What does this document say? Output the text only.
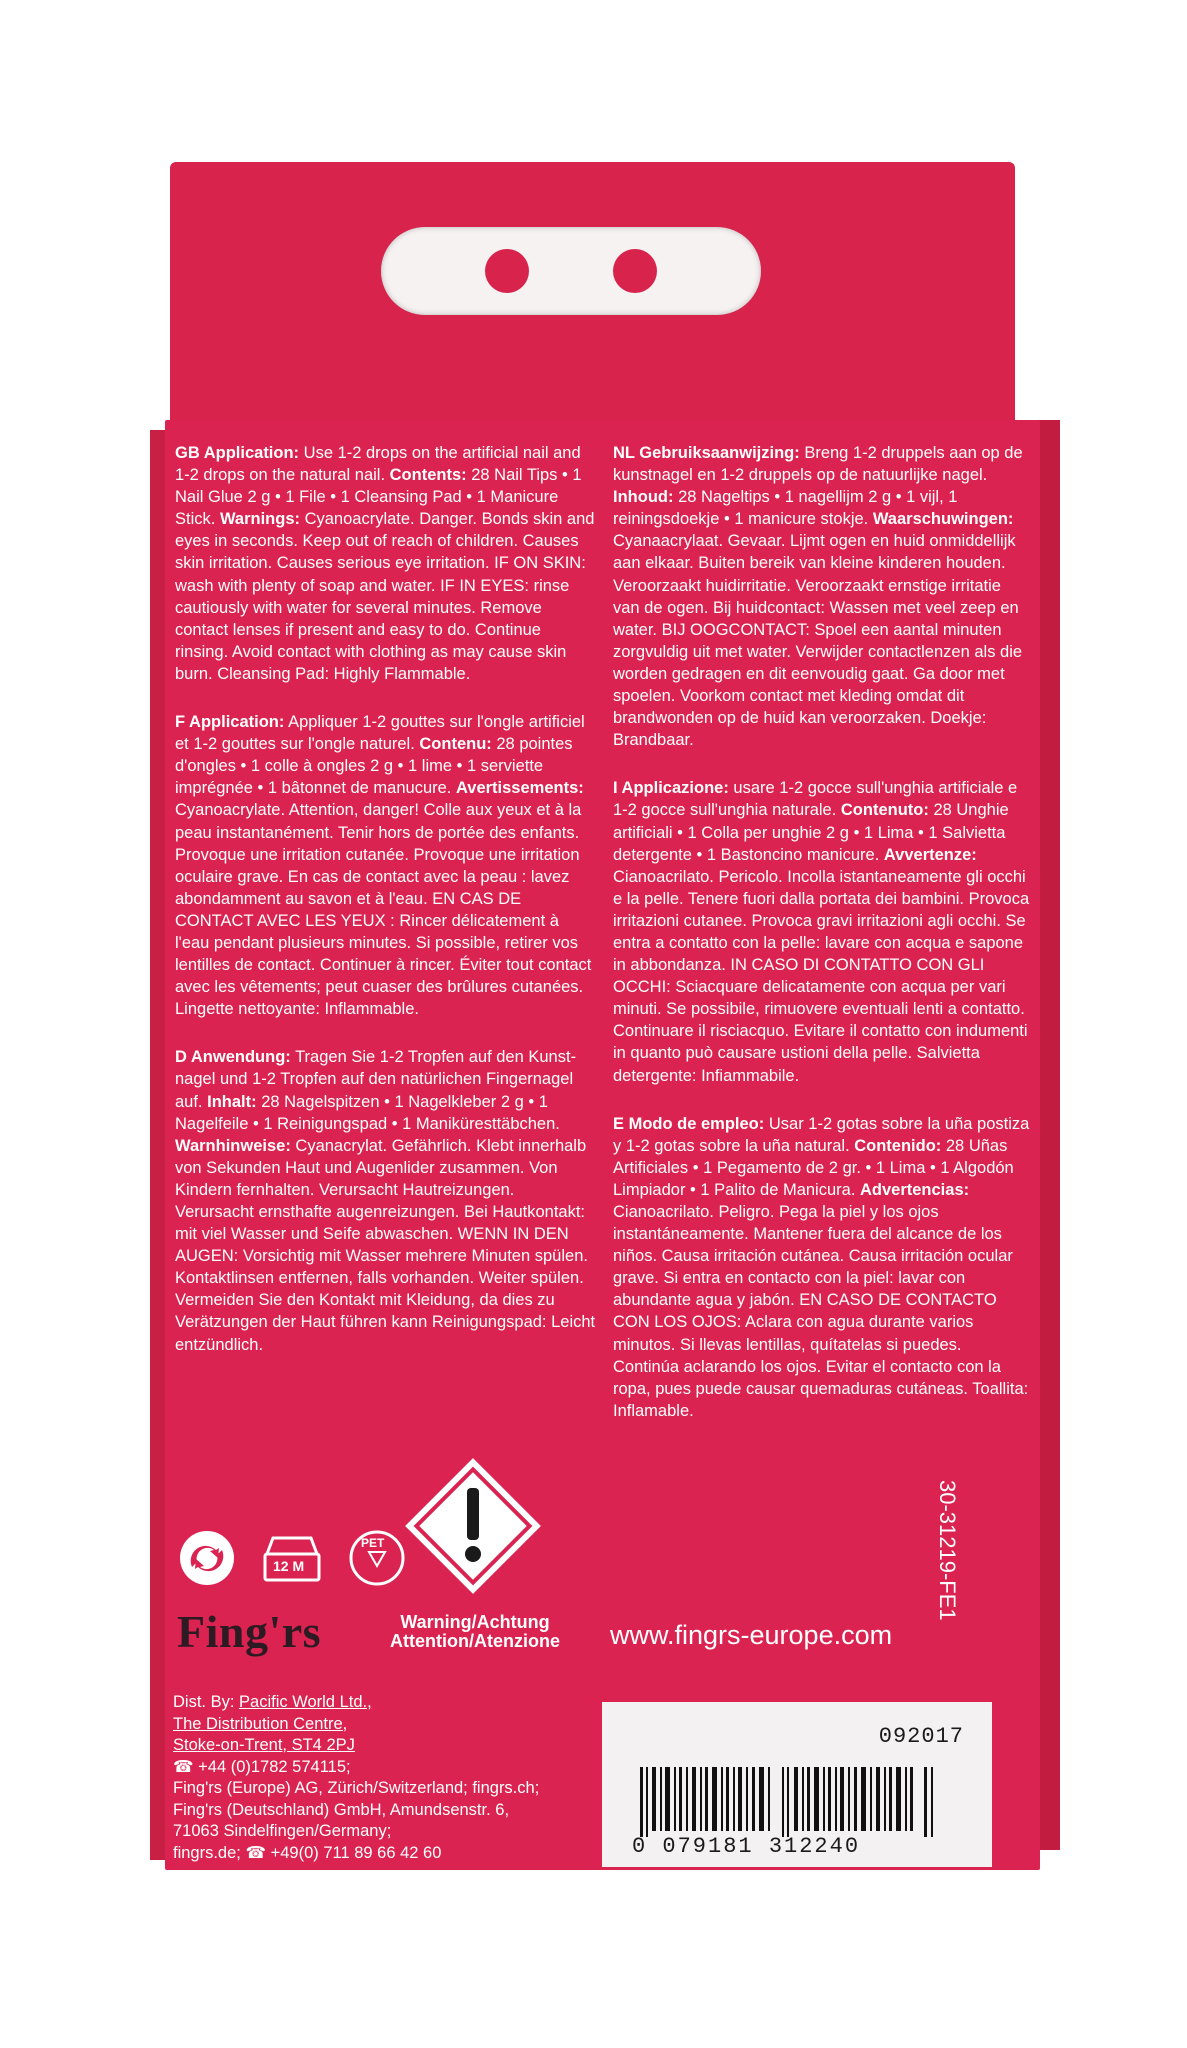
GB Application: Use 1-2 drops on the artificial nail and 1-2 drops on the natural nail. Contents: 28 Nail Tips • 1 Nail Glue 2 g • 1 File • 1 Cleansing Pad • 1 Manicure Stick. Warnings: Cyanoacrylate. Danger. Bonds skin and eyes in seconds. Keep out of reach of children. Causes skin irritation. Causes serious eye irritation. IF ON SKIN: wash with plenty of soap and water. IF IN EYES: rinse cautiously with water for several minutes. Remove contact lenses if present and easy to do. Continue rinsing. Avoid contact with clothing as may cause skin burn. Cleansing Pad: Highly Flammable.

F Application: Appliquer 1-2 gouttes sur l'ongle artificiel et 1-2 gouttes sur l'ongle naturel. Contenu: 28 pointes d'ongles • 1 colle à ongles 2 g • 1 lime • 1 serviette imprégnée • 1 bâtonnet de manucure. Avertissements: Cyanoacrylate. Attention, danger! Colle aux yeux et à la peau instantanément. Tenir hors de portée des enfants. Provoque une irritation cutanée. Provoque une irritation oculaire grave. En cas de contact avec la peau : lavez abondamment au savon et à l'eau. EN CAS DE CONTACT AVEC LES YEUX : Rincer délicatement à l'eau pendant plusieurs minutes. Si possible, retirer vos lentilles de contact. Continuer à rincer. Éviter tout contact avec les vêtements; peut cuaser des brûlures cutanées. Lingette nettoyante: Inflammable.

D Anwendung: Tragen Sie 1-2 Tropfen auf den Kunst-nagel und 1-2 Tropfen auf den natürlichen Fingernagel auf. Inhalt: 28 Nagelspitzen • 1 Nagelkleber 2 g • 1 Nagelfeile • 1 Reinigungspad • 1 Maniküresttäbchen. Warnhinweise: Cyanacrylat. Gefährlich. Klebt innerhalb von Sekunden Haut und Augenlider zusammen. Von Kindern fernhalten. Verursacht Hautreizungen. Verursacht ernsthafte augenreizungen. Bei Hautkontakt: mit viel Wasser und Seife abwaschen. WENN IN DEN AUGEN: Vorsichtig mit Wasser mehrere Minuten spülen. Kontaktlinsen entfernen, falls vorhanden. Weiter spülen. Vermeiden Sie den Kontakt mit Kleidung, da dies zu Verätzungen der Haut führen kann Reinigungspad: Leicht entzündlich.

NL Gebruiksaanwijzing: Breng 1-2 druppels aan op de kunstnagel en 1-2 druppels op de natuurlijke nagel. Inhoud: 28 Nageltips • 1 nagellijm 2 g • 1 vijl, 1 reiningsdoekje • 1 manicure stokje. Waarschuwingen: Cyanaacrylaat. Gevaar. Lijmt ogen en huid onmiddellijk aan elkaar. Buiten bereik van kleine kinderen houden. Veroorzaakt huidirritatie. Veroorzaakt ernstige irritatie van de ogen. Bij huidcontact: Wassen met veel zeep en water. BIJ OOGCONTACT: Spoel een aantal minuten zorgvuldig uit met water. Verwijder contactlenzen als die worden gedragen en dit eenvoudig gaat. Ga door met spoelen. Voorkom contact met kleding omdat dit brandwonden op de huid kan veroorzaken. Doekje: Brandbaar.

I Applicazione: usare 1-2 gocce sull'unghia artificiale e 1-2 gocce sull'unghia naturale. Contenuto: 28 Unghie artificiali • 1 Colla per unghie 2 g • 1 Lima • 1 Salvietta detergente • 1 Bastoncino manicure. Avvertenze: Cianoacrilato. Pericolo. Incolla istantaneamente gli occhi e la pelle. Tenere fuori dalla portata dei bambini. Provoca irritazioni cutanee. Provoca gravi irritazioni agli occhi. Se entra a contatto con la pelle: lavare con acqua e sapone in abbondanza. IN CASO DI CONTATTO CON GLI OCCHI: Sciacquare delicatamente con acqua per vari minuti. Se possibile, rimuovere eventuali lenti a contatto. Continuare il risciacquo. Evitare il contatto con indumenti in quanto può causare ustioni della pelle. Salvietta detergente: Infiammabile.

E Modo de empleo: Usar 1-2 gotas sobre la uña postiza y 1-2 gotas sobre la uña natural. Contenido: 28 Uñas Artificiales • 1 Pegamento de 2 gr. • 1 Lima • 1 Algodón Limpiador • 1 Palito de Manicura. Advertencias: Cianoacrilato. Peligro. Pega la piel y los ojos instantáneamente. Mantener fuera del alcance de los niños. Causa irritación cutánea. Causa irritación ocular grave. Si entra en contacto con la piel: lavar con abundante agua y jabón. EN CASO DE CONTACTO CON LOS OJOS: Aclara con agua durante varios minutos. Si llevas lentillas, quítatelas si puedes. Continúa aclarando los ojos. Evitar el contacto con la ropa, pues puede causar quemaduras cutáneas. Toallita: Inflamable.

12 M
PET
Fing'rs	Warning/Achtung
Attention/Atenzione	www.fingrs-europe.com
30-31219-FE1
Dist. By: Pacific World Ltd.,
The Distribution Centre,
Stoke-on-Trent, ST4 2PJ
☎ +44 (0)1782 574115;
Fing'rs (Europe) AG, Zürich/Switzerland; fingrs.ch;
Fing'rs (Deutschland) GmbH, Amundsenstr. 6,
71063 Sindelfingen/Germany;
fingrs.de; ☎ +49(0) 711 89 66 42 60
092017
0 079181 312240
